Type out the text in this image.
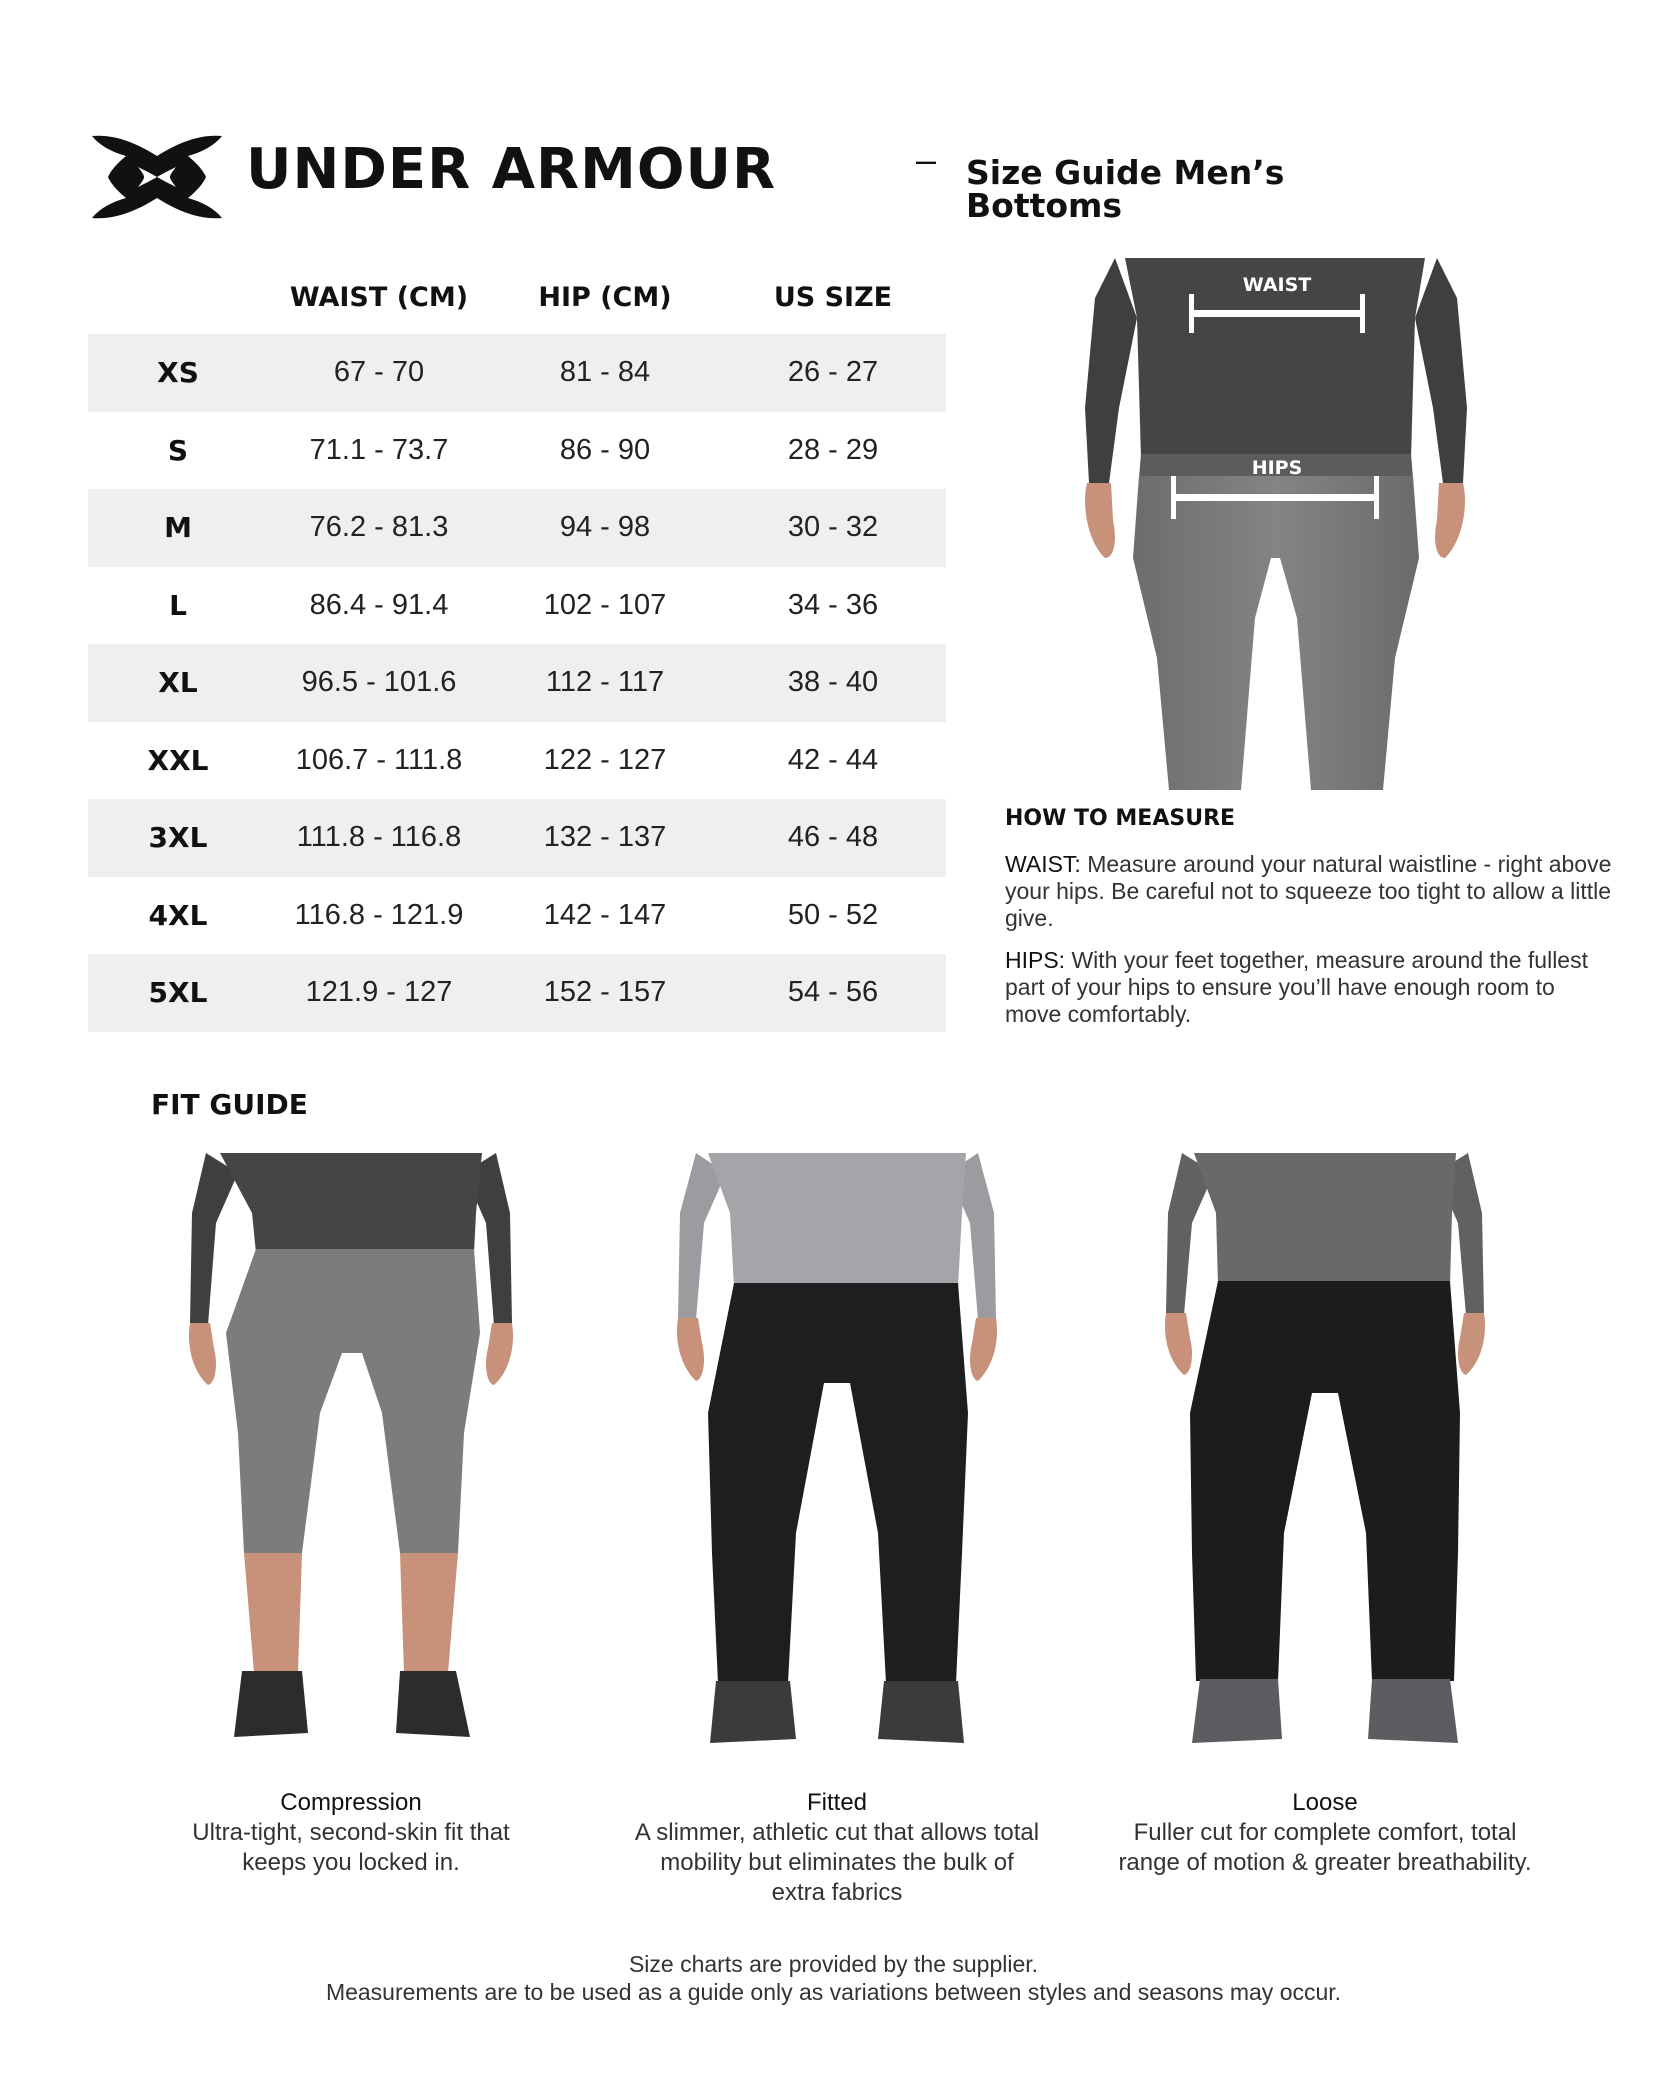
UNDER ARMOUR	– Size Guide Men’s Bottoms
	WAIST (CM)	HIP (CM)	US SIZE
XS	67 - 70	81 - 84	26 - 27
S	71.1 - 73.7	86 - 90	28 - 29
M	76.2 - 81.3	94 - 98	30 - 32
L	86.4 - 91.4	102 - 107	34 - 36
XL	96.5 - 101.6	112 - 117	38 - 40
XXL	106.7 - 111.8	122 - 127	42 - 44
3XL	111.8 - 116.8	132 - 137	46 - 48
4XL	116.8 - 121.9	142 - 147	50 - 52
5XL	121.9 - 127	152 - 157	54 - 56
WAIST
HIPS
HOW TO MEASURE

WAIST: Measure around your natural waistline - right above your hips. Be careful not to squeeze too tight to allow a little give.

HIPS: With your feet together, measure around the fullest part of your hips to ensure you’ll have enough room to move comfortably.

FIT GUIDE
Compression
Ultra-tight, second-skin fit that keeps you locked in.
Fitted
A slimmer, athletic cut that allows total mobility but eliminates the bulk of extra fabrics
Loose
Fuller cut for complete comfort, total range of motion & greater breathability.

Size charts are provided by the supplier.

Measurements are to be used as a guide only as variations between styles and seasons may occur.
